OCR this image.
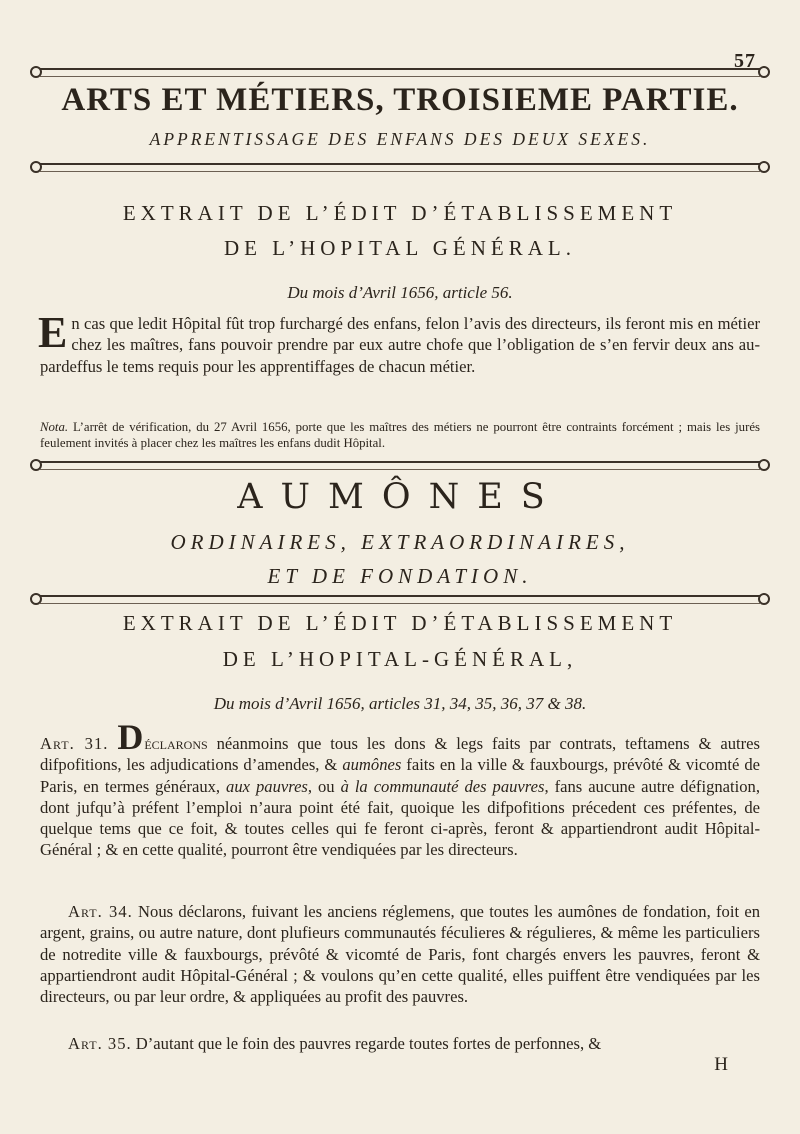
57
ARTS ET MÉTIERS, TROISIEME PARTIE.
APPRENTISSAGE DES ENFANS DES DEUX SEXES.
EXTRAIT DE L’ÉDIT D’ÉTABLISSEMENT
DE L’HOPITAL GÉNÉRAL.
Du mois d’Avril 1656, article 56.
En cas que ledit Hôpital fût trop furchargé des enfans, felon l’avis des directeurs, ils feront mis en métier chez les maîtres, fans pouvoir prendre par eux autre chofe que l’obligation de s’en fervir deux ans au-pardeffus le tems requis pour les apprentiffages de chacun métier.
Nota. L’arrêt de vérification, du 27 Avril 1656, porte que les maîtres des métiers ne pourront être contraints forcément ; mais les jurés feulement invités à placer chez les maîtres les enfans dudit Hôpital.
AUMÔNES
ORDINAIRES, EXTRAORDINAIRES,
ET DE FONDATION.
EXTRAIT DE L’ÉDIT D’ÉTABLISSEMENT
DE L’HOPITAL-GÉNÉRAL,
Du mois d’Avril 1656, articles 31, 34, 35, 36, 37 & 38.
Art. 31. Déclarons néanmoins que tous les dons & legs faits par contrats, teftamens & autres difpofitions, les adjudications d’amendes, & aumônes faits en la ville & fauxbourgs, prévôté & vicomté de Paris, en termes généraux, aux pauvres, ou à la communauté des pauvres, fans aucune autre défignation, dont jufqu’à préfent l’emploi n’aura point été fait, quoique les difpofitions précedent ces préfentes, de quelque tems que ce foit, & toutes celles qui fe feront ci-après, feront & appartiendront audit Hôpital-Général ; & en cette qualité, pourront être vendiquées par les directeurs.
Art. 34. Nous déclarons, fuivant les anciens réglemens, que toutes les aumônes de fondation, foit en argent, grains, ou autre nature, dont plufieurs communautés féculieres & régulieres, & même les particuliers de notredite ville & fauxbourgs, prévôté & vicomté de Paris, font chargés envers les pauvres, feront & appartiendront audit Hôpital-Général ; & voulons qu’en cette qualité, elles puiffent être vendiquées par les directeurs, ou par leur ordre, & appliquées au profit des pauvres.
Art. 35. D’autant que le foin des pauvres regarde toutes fortes de perfonnes, &
H
